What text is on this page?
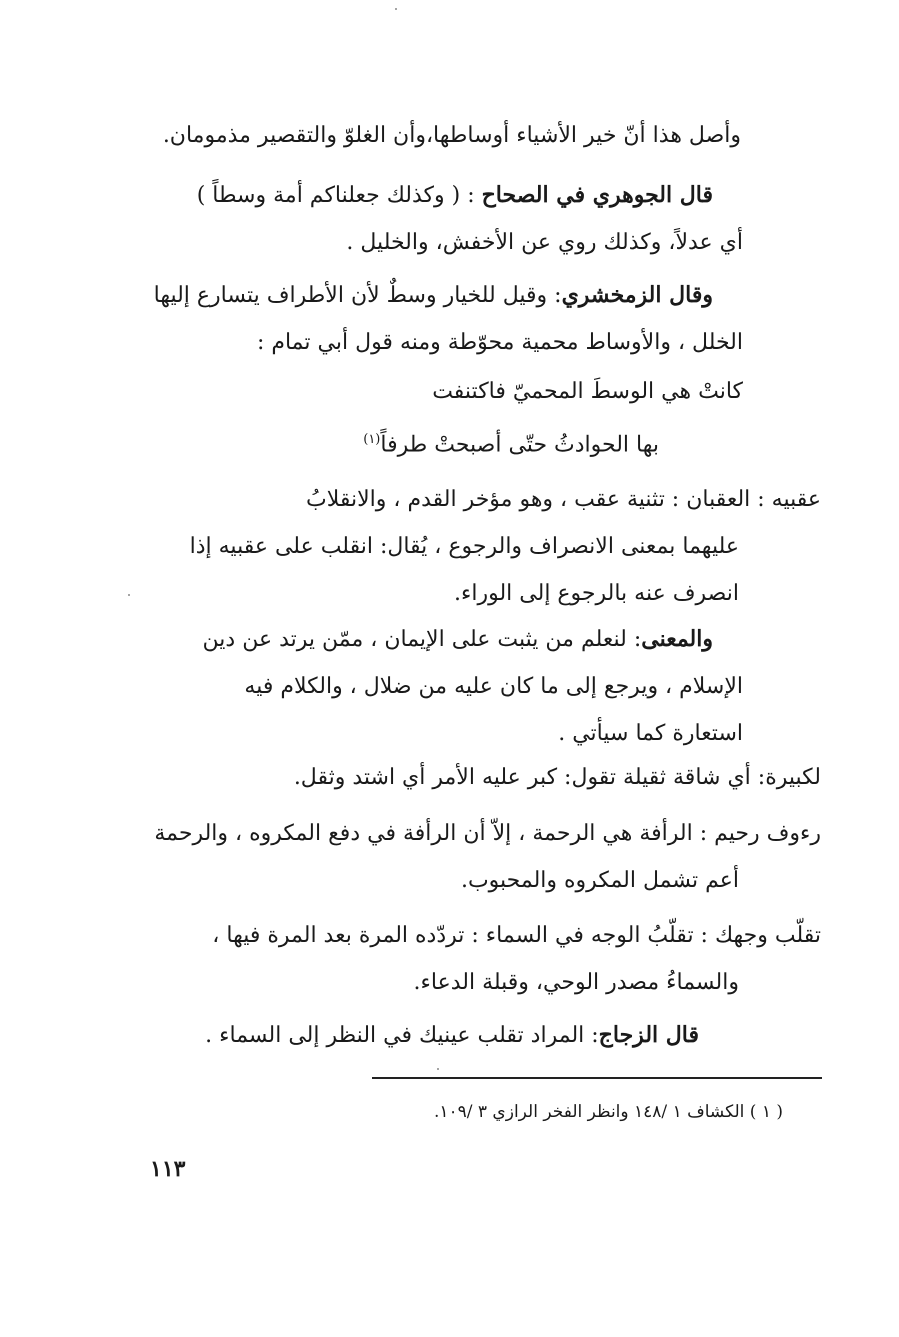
وأصل هذا أنّ خير الأشياء أوساطها،وأن الغلوّ والتقصير مذمومان.
قال الجوهري في الصحاح : ( وكذلك جعلناكم أمة وسطاً )
أي عدلاً، وكذلك روي عن الأخفش، والخليل .
وقال الزمخشري: وقيل للخيار وسطٌ لأن الأطراف يتسارع إليها
الخلل ، والأوساط محمية محوّطة ومنه قول أبي تمام :
كانتْ هي الوسطَ المحميّ فاكتنفت
بها الحوادثُ حتّى أصبحتْ طرفاً$^{(١)}$
عقبيه : العقبان : تثنية عقب ، وهو مؤخر القدم ، والانقلابُ
عليهما بمعنى الانصراف والرجوع ، يُقال: انقلب على عقبيه إذا
انصرف عنه بالرجوع إلى الوراء.
والمعنى: لنعلم من يثبت على الإيمان ، ممّن يرتد عن دين
الإسلام ، ويرجع إلى ما كان عليه من ضلال ، والكلام فيه
استعارة كما سيأتي .
لكبيرة: أي شاقة ثقيلة تقول: كبر عليه الأمر أي اشتد وثقل.
رءوف رحيم : الرأفة هي الرحمة ، إلاّ أن الرأفة في دفع المكروه ، والرحمة
أعم تشمل المكروه والمحبوب.
تقلّب وجهك : تقلّبُ الوجه في السماء : تردّده المرة بعد المرة فيها ،
والسماءُ مصدر الوحي، وقبلة الدعاء.
قال الزجاج: المراد تقلب عينيك في النظر إلى السماء .
( ١ ) الكشاف ١ /١٤٨ وانظر الفخر الرازي ٣ /١٠٩.
١١٣
